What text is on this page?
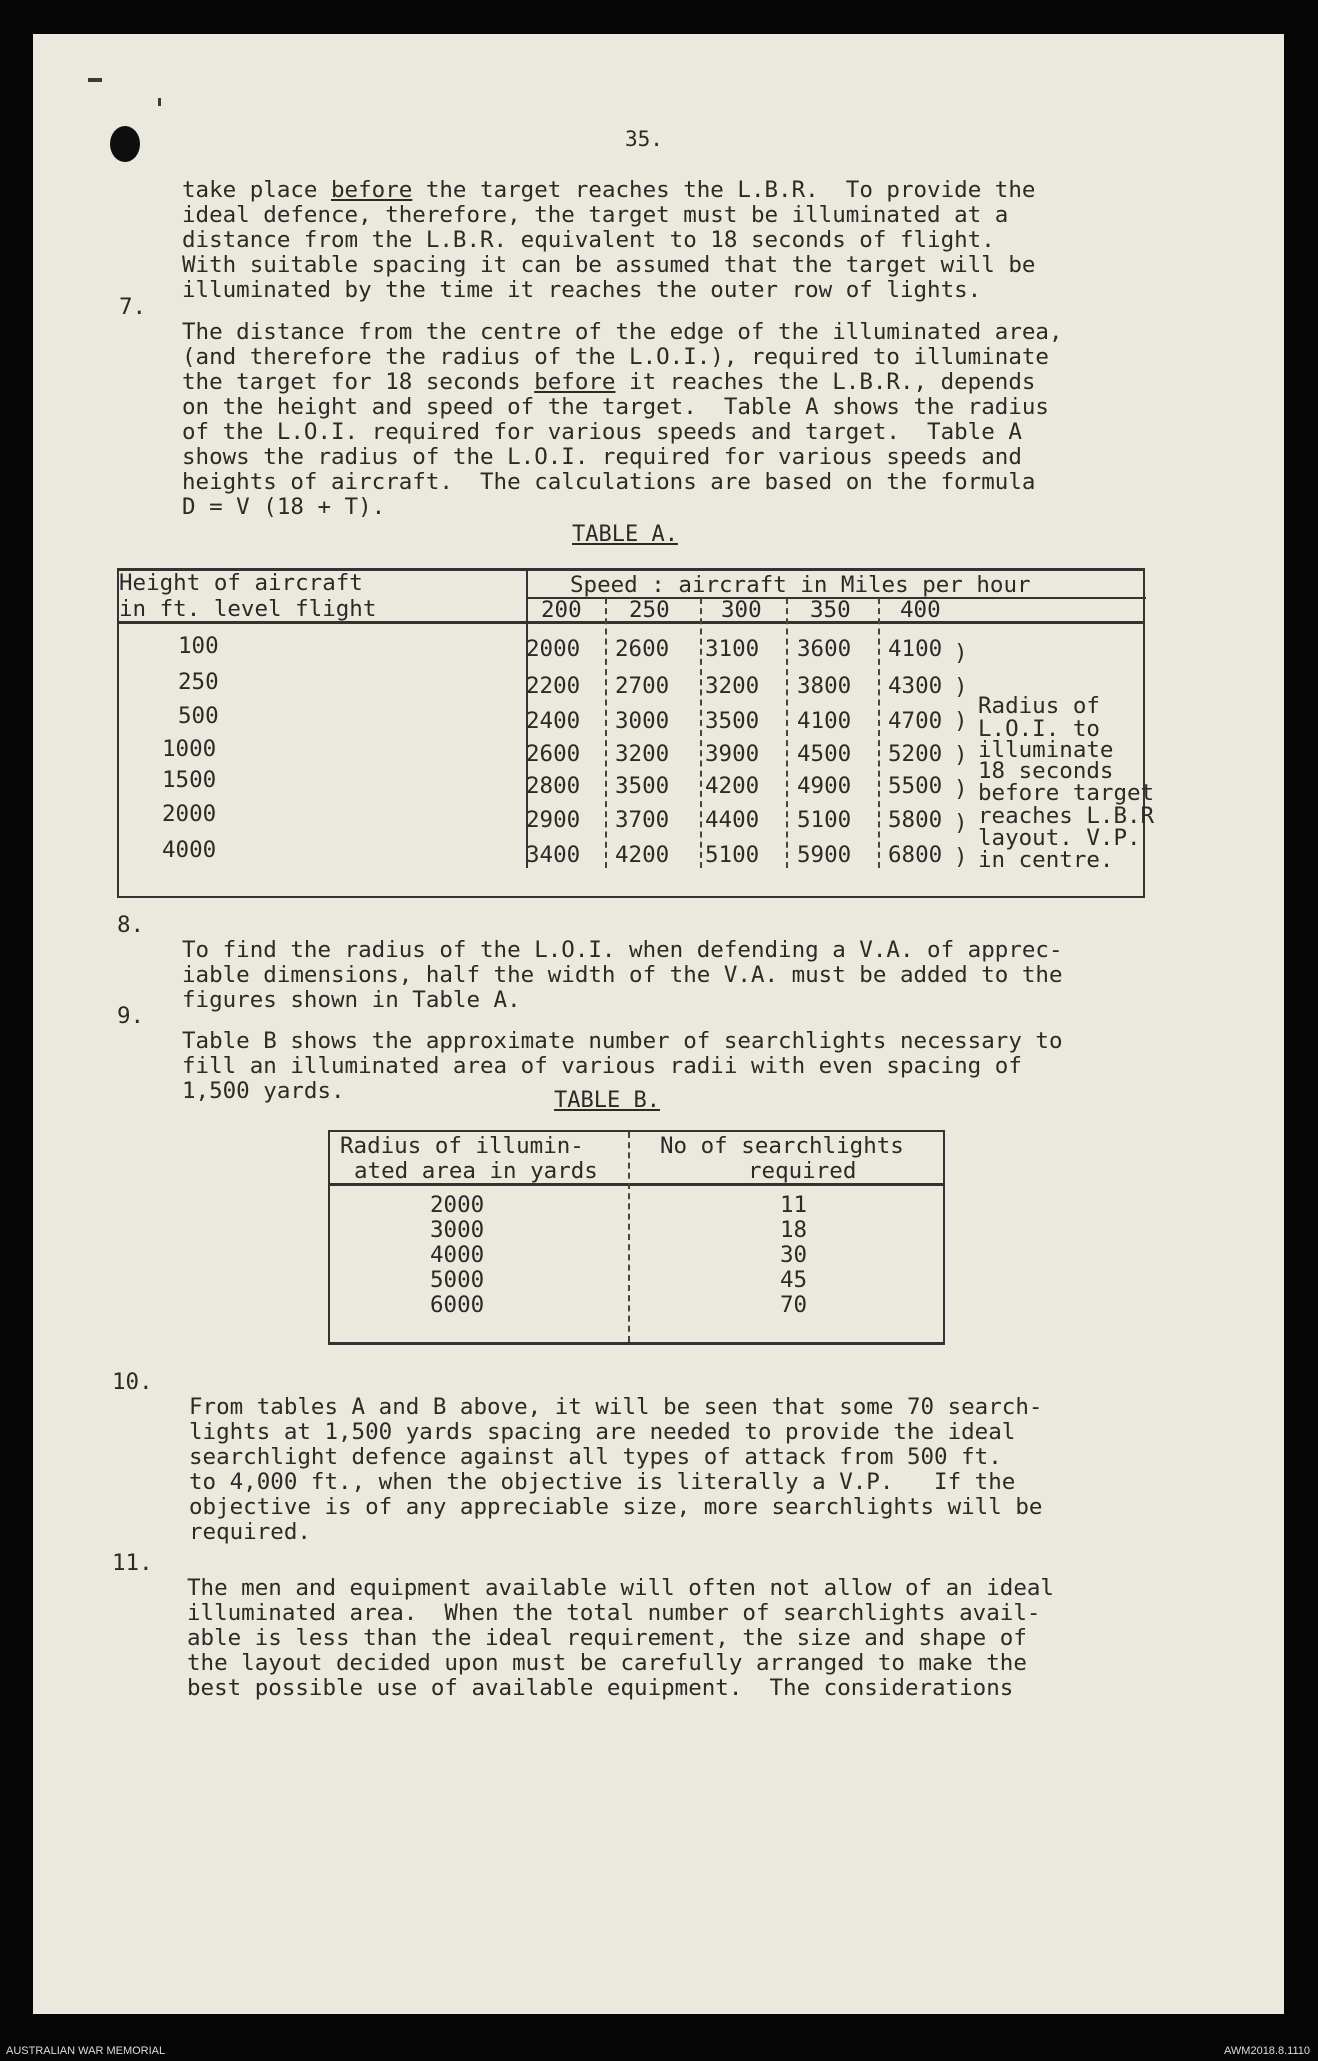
35.

take place before the target reaches the L.B.R.  To provide the
ideal defence, therefore, the target must be illuminated at a
distance from the L.B.R. equivalent to 18 seconds of flight.
With suitable spacing it can be assumed that the target will be
illuminated by the time it reaches the outer row of lights.

7.

The distance from the centre of the edge of the illuminated area,
(and therefore the radius of the L.O.I.), required to illuminate
the target for 18 seconds before it reaches the L.B.R., depends
on the height and speed of the target.  Table A shows the radius
of the L.O.I. required for various speeds and target.  Table A
shows the radius of the L.O.I. required for various speeds and
heights of aircraft.  The calculations are based on the formula
D = V (18 + T).

TABLE A.
Height of aircraft
in ft. level flight
Speed : aircraft in Miles per hour
200 250 300 350 400
100
250
500
1000
1500
2000
4000
2000 2600 3100 3600 4100
2200 2700 3200 3800 4300
2400 3000 3500 4100 4700
2600 3200 3900 4500 5200
2800 3500 4200 4900 5500
2900 3700 4400 5100 5800
3400 4200 5100 5900 6800
)
)
)
)
)
)
)
Radius of
L.O.I. to
illuminate
18 seconds
before target
reaches L.B.R
layout. V.P.
in centre.
8.

To find the radius of the L.O.I. when defending a V.A. of apprec-
iable dimensions, half the width of the V.A. must be added to the
figures shown in Table A.

9.

Table B shows the approximate number of searchlights necessary to
fill an illuminated area of various radii with even spacing of
1,500 yards.	TABLE B.
Radius of illumin-
ated area in yards
No of searchlights
required
2000
3000
4000
5000
6000
11
18
30
45
70
10.

From tables A and B above, it will be seen that some 70 search-
lights at 1,500 yards spacing are needed to provide the ideal
searchlight defence against all types of attack from 500 ft.
to 4,000 ft., when the objective is literally a V.P.   If the
objective is of any appreciable size, more searchlights will be
required.

11.

The men and equipment available will often not allow of an ideal
illuminated area.  When the total number of searchlights avail-
able is less than the ideal requirement, the size and shape of
the layout decided upon must be carefully arranged to make the
best possible use of available equipment.  The considerations

AUSTRALIAN WAR MEMORIAL	AWM2018.8.1110
